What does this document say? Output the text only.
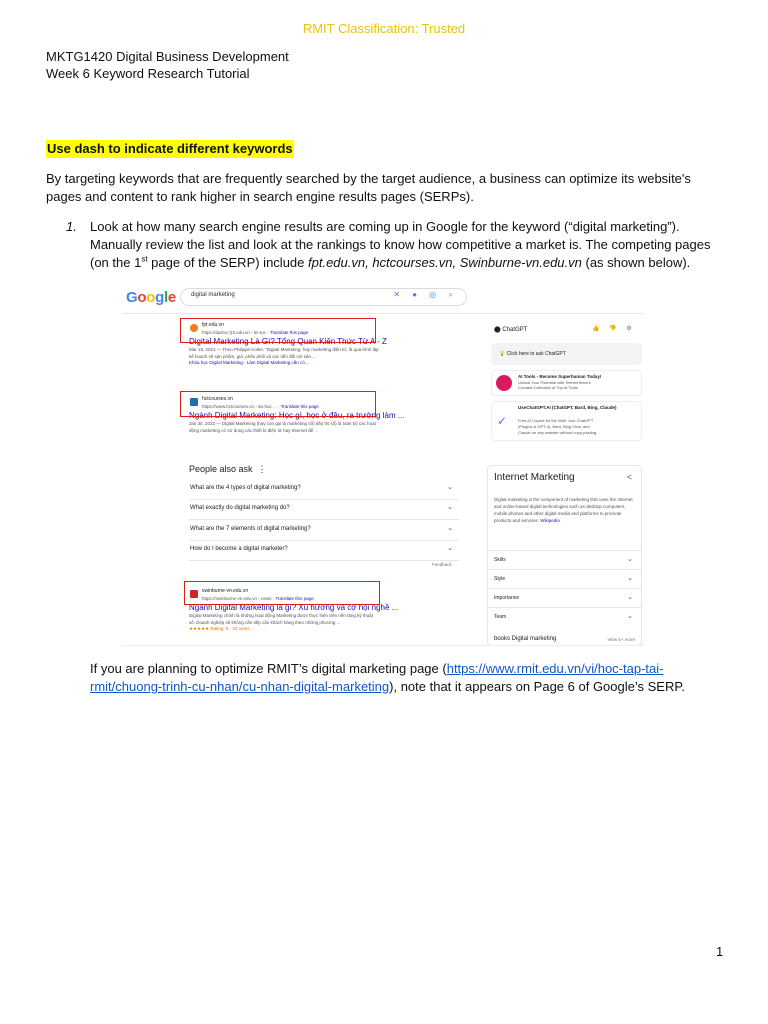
RMIT Classification: Trusted
MKTG1420 Digital Business Development
Week 6 Keyword Research Tutorial
Use dash to indicate different keywords
By targeting keywords that are frequently searched by the target audience, a business can optimize its website's pages and content to rank higher in search engine results pages (SERPs).
1. Look at how many search engine results are coming up in Google for the keyword (“digital marketing”). Manually review the list and look at the rankings to know how competitive a market is. The competing pages (on the 1st page of the SERP) include fpt.edu.vn, hctcourses.vn, Swinburne-vn.edu.vn (as shown below).
Google	digital marketing	✕ ● ◎ ⌕
fpt.edu.vn
https://daihoc.fpt.edu.vn › tin-tuc · Translate this page
Digital Marketing Là Gì? Tổng Quan Kiến Thức Từ A - Z
Mar 19, 2021 — Theo Philippe Kotler, "Digital Marketing, hay marketing điện tử, là quá trình lập
kế hoạch về sản phẩm, giá, phân phối và xúc tiến đối với sản ...
Khóa học Digital Marketing · Làm Digital Marketing cần có ...
hctcourses.vn
https://www.hctcourses.vn › du-hoc ... · Translate this page
Ngành Digital Marketing: Học gì, học ở đâu, ra trường làm ...
Jan 30, 2023 — Digital Marketing (hay còn gọi là marketing số) tiếp thị số) là toàn bộ các hoạt
động marketing có sử dụng các thiết bị điện tử hay Internet để ...
People also ask  ⋮
What are the 4 types of digital marketing?	⌄
What exactly do digital marketing do?	⌄
What are the 7 elements of digital marketing?	⌄
How do I become a digital marketer?	⌄
Feedback
swinburne-vn.edu.vn
https://swinburne-vn.edu.vn › news · Translate this page
Ngành Digital Marketing là gì? Xu hướng và cơ hội nghề ...
Digital Marketing chính là những hoạt động Marketing được thực hiện trên nền tảng kỹ thuật
số. Doanh nghiệp sẽ không cần tiếp cận khách hàng theo những phương ...
★★★★★ Rating: 5 · 22 votes
⬤ ChatGPT	👍 👎 ⚙
💡 Click here to ask ChatGPT
AI Tools - Become Superhuman Today!
Unlock Your Potential with TeleresTeam's
Curated Collection of Top AI Tools
✓
UseChatGPT.AI (ChatGPT, Bard, Bing, Claude)
Free AI Copilot for the Web. Use ChatGPT
(Plugins & GPT-4), Bard, Bing Chat, and
Claude on any website without copy-pasting.
Internet Marketing	<
Digital marketing is the component of marketing that uses the Internet and online-based digital technologies such as desktop computers, mobile phones and other digital media and platforms to promote products and services. Wikipedia
Skills	⌄
Style	⌄
Importance	⌄
Team	⌄
books Digital marketing	View 5+ more
If you are planning to optimize RMIT’s digital marketing page (https://www.rmit.edu.vn/vi/hoc-tap-tai-rmit/chuong-trinh-cu-nhan/cu-nhan-digital-marketing), note that it appears on Page 6 of Google’s SERP.
1
